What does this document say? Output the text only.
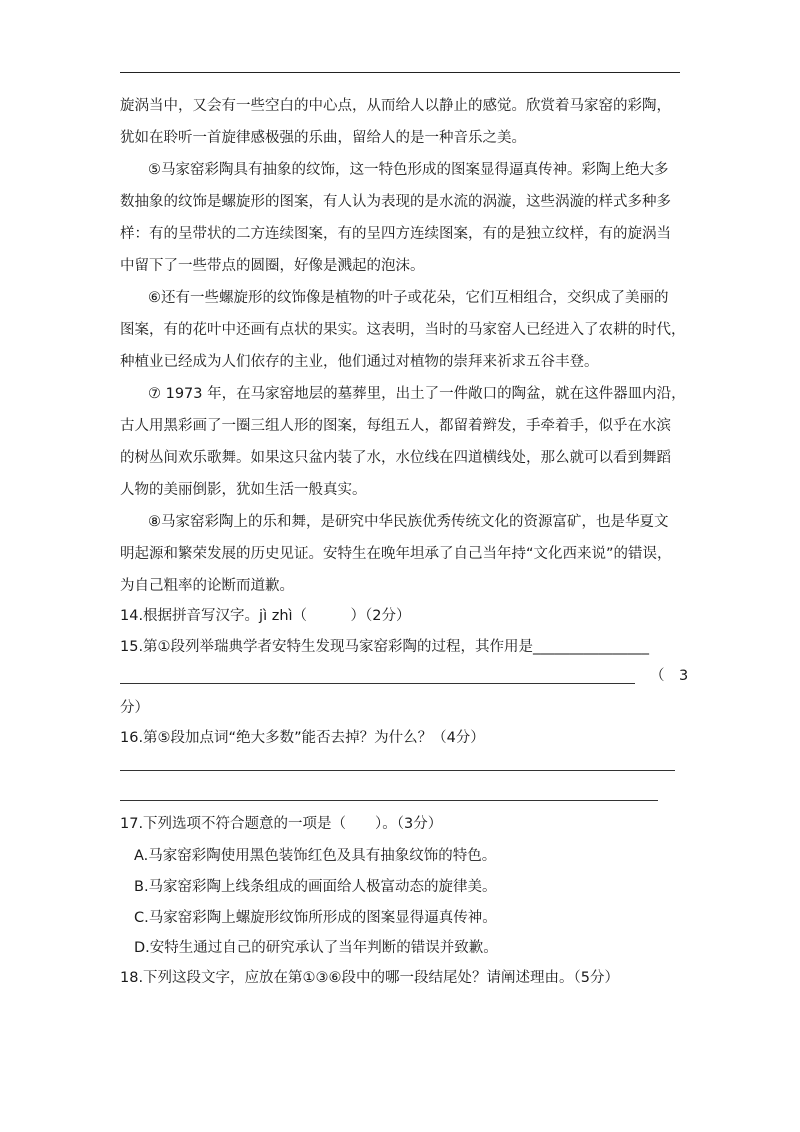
旋涡当中，又会有一些空白的中心点，从而给人以静止的感觉。欣赏着马家窑的彩陶，
犹如在聆听一首旋律感极强的乐曲，留给人的是一种音乐之美。
⑤马家窑彩陶具有抽象的纹饰，这一特色形成的图案显得逼真传神。彩陶上绝大多
数抽象的纹饰是螺旋形的图案，有人认为表现的是水流的涡漩，这些涡漩的样式多种多
样：有的呈带状的二方连续图案，有的呈四方连续图案，有的是独立纹样，有的旋涡当
中留下了一些带点的圆圈，好像是溅起的泡沫。
⑥还有一些螺旋形的纹饰像是植物的叶子或花朵，它们互相组合，交织成了美丽的
图案，有的花叶中还画有点状的果实。这表明，当时的马家窑人已经进入了农耕的时代，
种植业已经成为人们依存的主业，他们通过对植物的崇拜来祈求五谷丰登。
⑦ 1973 年，在马家窑地层的墓葬里，出土了一件敞口的陶盆，就在这件器皿内沿，
古人用黑彩画了一圈三组人形的图案，每组五人，都留着辫发，手牵着手，似乎在水滨
的树丛间欢乐歌舞。如果这只盆内装了水，水位线在四道横线处，那么就可以看到舞蹈
人物的美丽倒影，犹如生活一般真实。
⑧马家窑彩陶上的乐和舞，是研究中华民族优秀传统文化的资源富矿，也是华夏文
明起源和繁荣发展的历史见证。安特生在晚年坦承了自己当年持“文化西来说”的错误，
为自己粗率的论断而道歉。
14.根据拼音写汉字。jì zhì（　　　）（2分）
15.第①段列举瑞典学者安特生发现马家窑彩陶的过程，其作用是________________
（　3
分）
16.第⑤段加点词“绝大多数”能否去掉？为什么？（4分）
17.下列选项不符合题意的一项是（　　）。（3分）
A.马家窑彩陶使用黑色装饰红色及具有抽象纹饰的特色。
B.马家窑彩陶上线条组成的画面给人极富动态的旋律美。
C.马家窑彩陶上螺旋形纹饰所形成的图案显得逼真传神。
D.安特生通过自己的研究承认了当年判断的错误并致歉。
18.下列这段文字，应放在第①③⑥段中的哪一段结尾处？请阐述理由。（5分）
